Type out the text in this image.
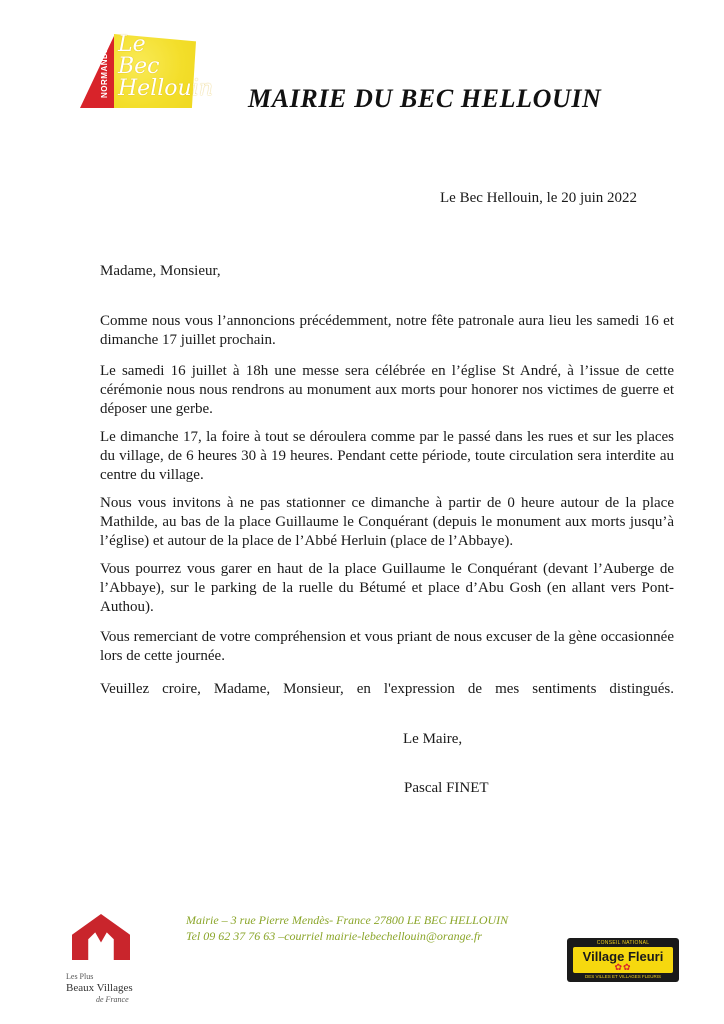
NORMANDIE Le
Bec
Hellouin MAIRIE DU BEC HELLOUIN
Le Bec Hellouin, le 20 juin 2022

Madame, Monsieur,

Comme nous vous l’annoncions précédemment, notre fête patronale aura lieu les samedi 16 et dimanche 17 juillet prochain.

Le samedi 16 juillet à 18h une messe sera célébrée en l’église St André, à l’issue de cette cérémonie nous nous rendrons au monument aux morts pour honorer nos victimes de guerre et déposer une gerbe.

Le dimanche 17, la foire à tout se déroulera comme par le passé dans les rues et sur les places du village, de 6 heures 30 à 19 heures. Pendant cette période, toute circulation sera interdite au centre du village.

Nous vous invitons à ne pas stationner ce dimanche à partir de 0 heure autour de la place Mathilde, au bas de la place Guillaume le Conquérant (depuis le monument aux morts jusqu’à l’église) et autour de la place de l’Abbé Herluin (place de l’Abbaye).

Vous pourrez vous garer en haut de la place Guillaume le Conquérant (devant l’Auberge de l’Abbaye), sur le parking de la ruelle du Bétumé et place d’Abu Gosh (en allant vers Pont-Authou).

Vous remerciant de votre compréhension et vous priant de nous excuser de la gène occasionnée lors de cette journée.

Veuillez croire, Madame, Monsieur, en l'expression de mes sentiments distingués.

Le Maire,
Pascal FINET
Les Plus
Beaux Villages
de France
Mairie – 3 rue Pierre Mendès- France 27800 LE BEC HELLOUIN
Tel 09 62 37 76 63 –courriel mairie-lebechellouin@orange.fr	CONSEIL NATIONAL
Village Fleuri
✿✿
DES VILLES ET VILLAGES FLEURIS
